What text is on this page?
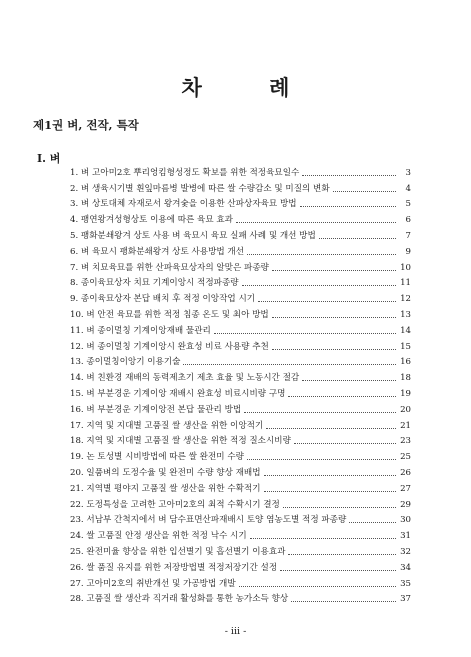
차 례
제1권 벼, 전작, 특작
Ⅰ. 벼
1. 벼 고아미2호 뿌리엉킴형성정도 확보를 위한 적정육묘일수	3
2. 벼 생육시기별 흰잎마름병 발병에 따른 쌀 수량감소 및 미질의 변화	4
3. 벼 상토대체 자재로서 왕겨숯을 이용한 산파상자육묘 방법	5
4. 팽연왕겨성형상토 이용에 따른 육묘 효과	6
5. 팽화분쇄왕겨 상토 사용 벼 육묘시 육묘 실패 사례 및 개선 방법	7
6. 벼 육묘시 팽화분쇄왕겨 상토 사용방법 개선	9
7. 벼 치묘육묘를 위한 산파육묘상자의 알맞은 파종량	10
8. 종이육묘상자 치묘 기계이앙시 적정파종량	11
9. 종이육묘상자 본답 배치 후 적정 이앙작업 시기	12
10. 벼 안전 육묘를 위한 적정 침종 온도 및 최아 방법	13
11. 벼 종이멀칭 기계이앙재배 물관리	14
12. 벼 종이멀칭 기계이앙시 완효성 비료 사용량 추천	15
13. 종이멀칭이앙기 이용기술	16
14. 벼 친환경 재배의 동력제초기 제초 효율 및 노동시간 절감	18
15. 벼 부분경운 기계이앙 재배시 완효성 비료시비량 구명	19
16. 벼 부분경운 기계이앙전 본답 물관리 방법	20
17. 지역 및 지대별 고품질 쌀 생산을 위한 이앙적기	21
18. 지역 및 지대별 고품질 쌀 생산을 위한 적정 질소시비량	23
19. 논 토성별 시비방법에 따른 쌀 완전미 수량	25
20. 일품벼의 도정수율 및 완전미 수량 향상 재배법	26
21. 지역별 평야지 고품질 쌀 생산을 위한 수확적기	27
22. 도정특성을 고려한 고아미2호의 최적 수확시기 결정	29
23. 서남부 간척지에서 벼 담수표면산파재배시 토양 염농도별 적정 파종량	30
24. 쌀 고품질 안정 생산을 위한 적정 낙수 시기	31
25. 완전미율 향상을 위한 입선별기 및 흡선별기 이용효과	32
26. 쌀 품질 유지를 위한 저장방법별 적정저장기간 설정	34
27. 고아미2호의 취반개선 및 가공방법 개발	35
28. 고품질 쌀 생산과 직거래 활성화를 통한 농가소득 향상	37
- iii -
